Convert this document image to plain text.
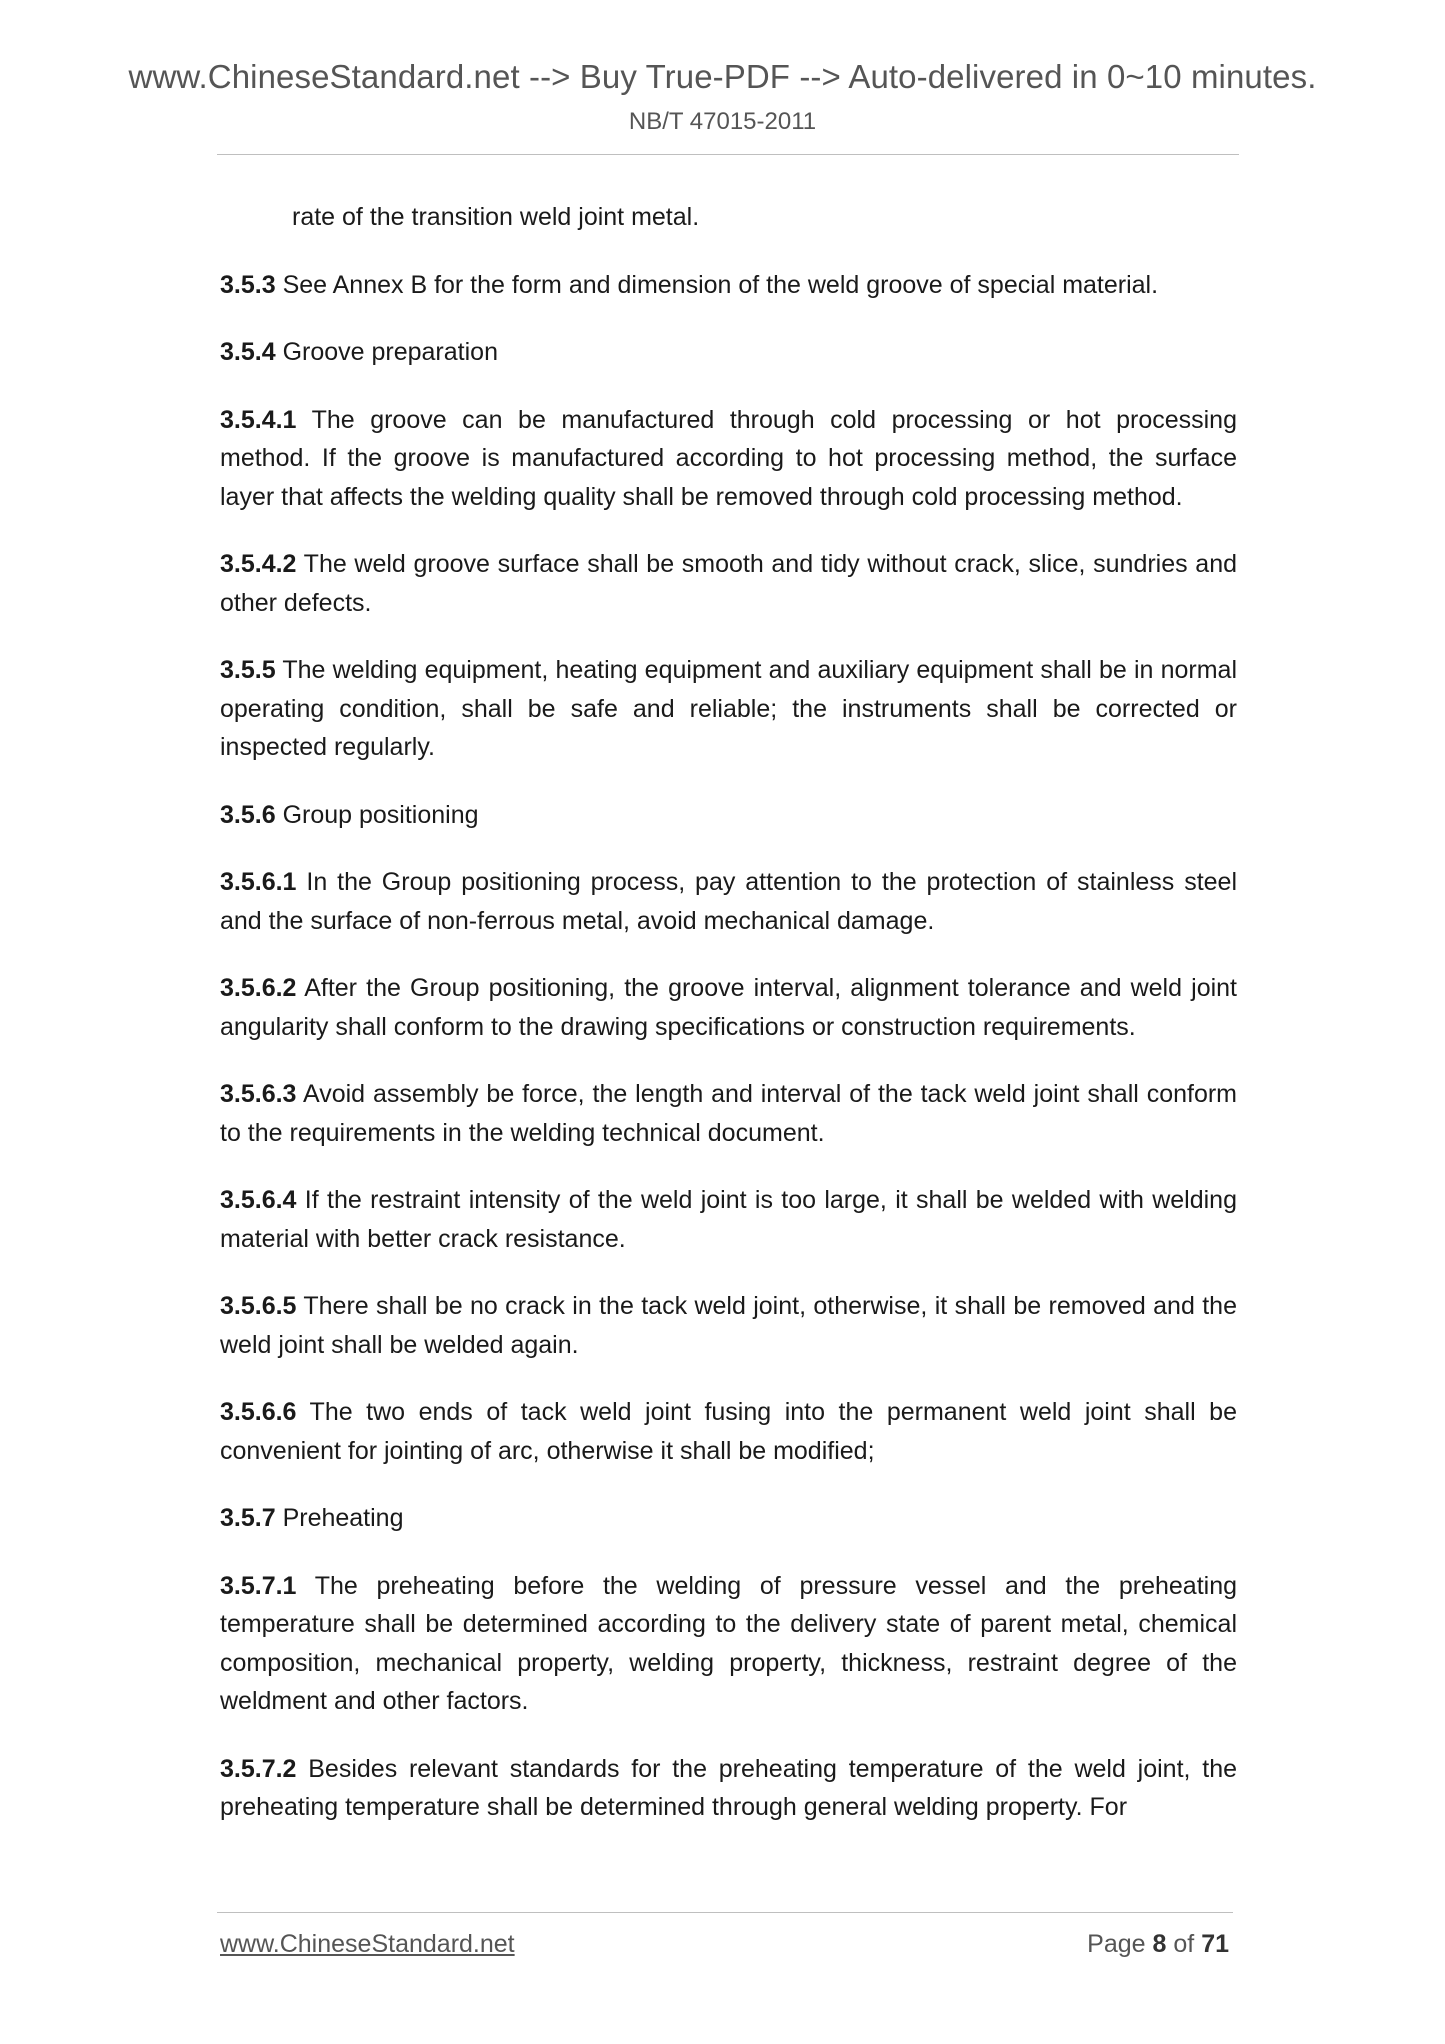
www.ChineseStandard.net --> Buy True-PDF --> Auto-delivered in 0~10 minutes.
NB/T 47015-2011

rate of the transition weld joint metal.

3.5.3 See Annex B for the form and dimension of the weld groove of special material.

3.5.4 Groove preparation

3.5.4.1 The groove can be manufactured through cold processing or hot processing method. If the groove is manufactured according to hot processing method, the surface layer that affects the welding quality shall be removed through cold processing method.

3.5.4.2 The weld groove surface shall be smooth and tidy without crack, slice, sundries and other defects.

3.5.5 The welding equipment, heating equipment and auxiliary equipment shall be in normal operating condition, shall be safe and reliable; the instruments shall be corrected or inspected regularly.

3.5.6 Group positioning

3.5.6.1 In the Group positioning process, pay attention to the protection of stainless steel and the surface of non-ferrous metal, avoid mechanical damage.

3.5.6.2 After the Group positioning, the groove interval, alignment tolerance and weld joint angularity shall conform to the drawing specifications or construction requirements.

3.5.6.3 Avoid assembly be force, the length and interval of the tack weld joint shall conform to the requirements in the welding technical document.

3.5.6.4 If the restraint intensity of the weld joint is too large, it shall be welded with welding material with better crack resistance.

3.5.6.5 There shall be no crack in the tack weld joint, otherwise, it shall be removed and the weld joint shall be welded again.

3.5.6.6 The two ends of tack weld joint fusing into the permanent weld joint shall be convenient for jointing of arc, otherwise it shall be modified;

3.5.7 Preheating

3.5.7.1 The preheating before the welding of pressure vessel and the preheating temperature shall be determined according to the delivery state of parent metal, chemical composition, mechanical property, welding property, thickness, restraint degree of the weldment and other factors.

3.5.7.2 Besides relevant standards for the preheating temperature of the weld joint, the preheating temperature shall be determined through general welding property. For

www.ChineseStandard.net	Page 8 of 71
